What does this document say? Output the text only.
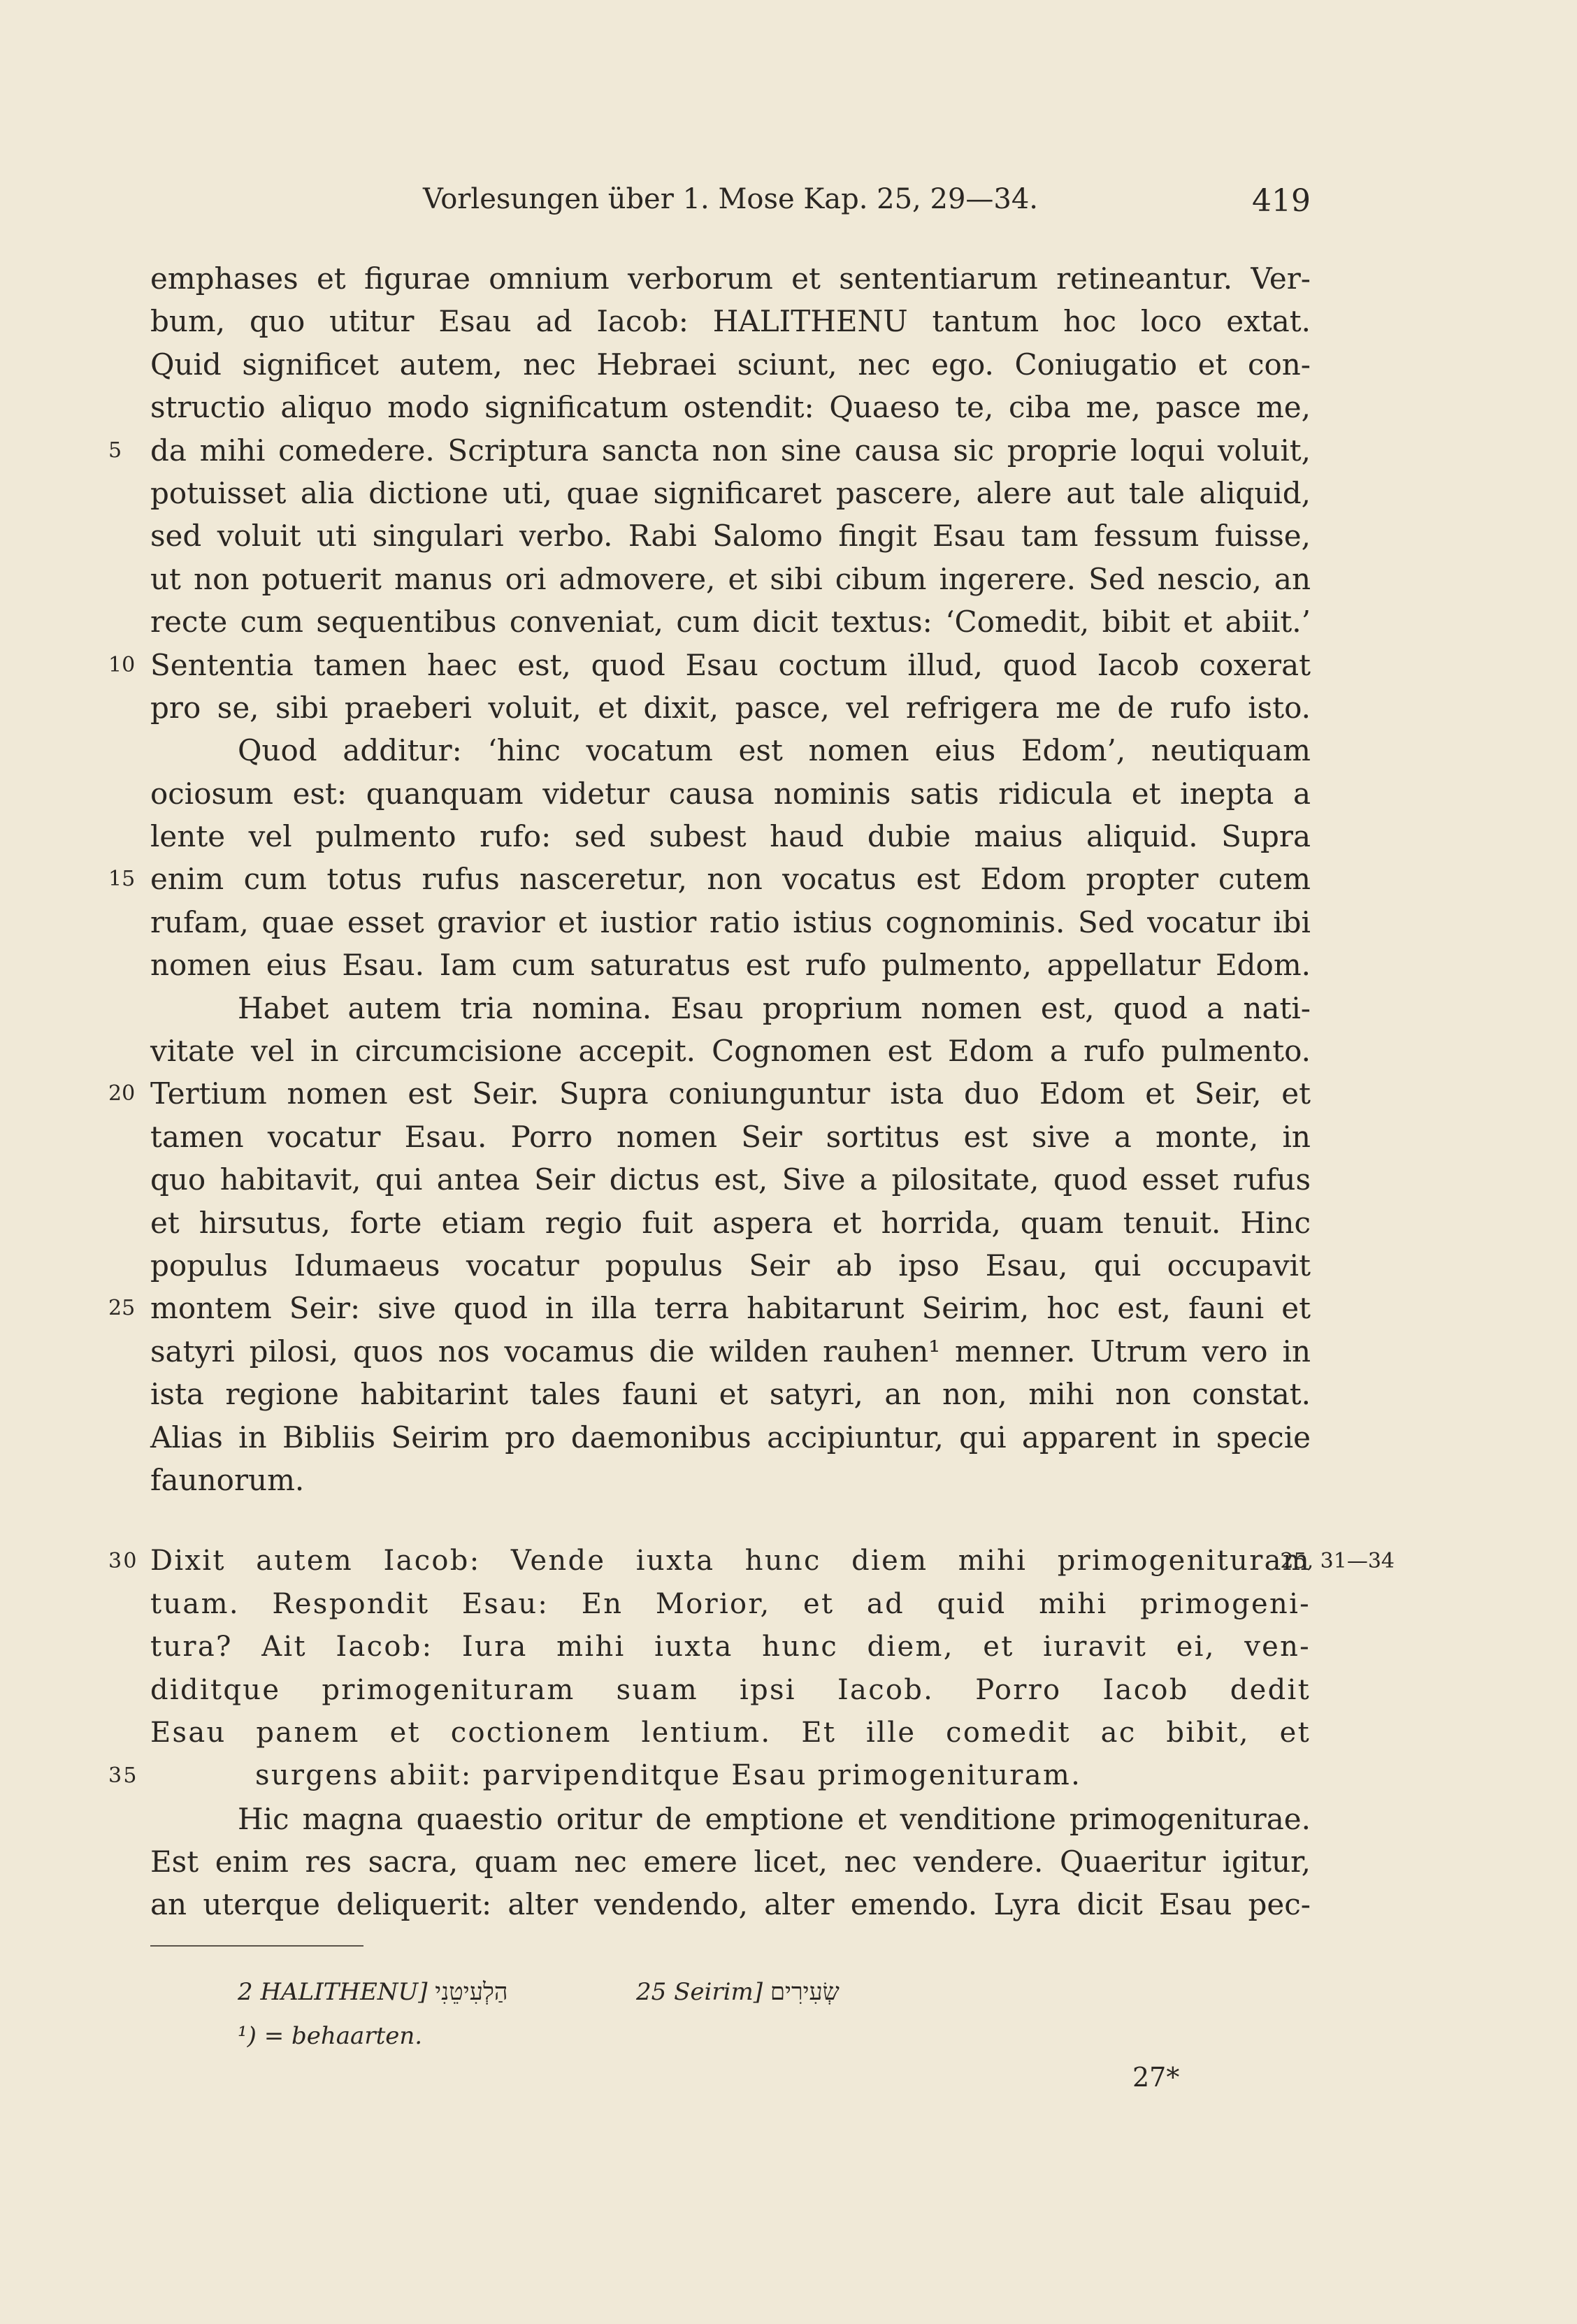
Vorlesungen über 1. Mose Kap. 25, 29—34.	419
emphases et figurae omnium verborum et sententiarum retineantur. Ver-
bum, quo utitur Esau ad Iacob: HALITHENU tantum hoc loco extat.
Quid significet autem, nec Hebraei sciunt, nec ego. Coniugatio et con-
structio aliquo modo significatum ostendit: Quaeso te, ciba me, pasce me,
5 da mihi comedere. Scriptura sancta non sine causa sic proprie loqui voluit,
potuisset alia dictione uti, quae significaret pascere, alere aut tale aliquid,
sed voluit uti singulari verbo. Rabi Salomo fingit Esau tam fessum fuisse,
ut non potuerit manus ori admovere, et sibi cibum ingerere. Sed nescio, an
recte cum sequentibus conveniat, cum dicit textus: ‘Comedit, bibit et abiit.’
10 Sententia tamen haec est, quod Esau coctum illud, quod Iacob coxerat
pro se, sibi praeberi voluit, et dixit, pasce, vel refrigera me de rufo isto.
Quod additur: ‘hinc vocatum est nomen eius Edom’, neutiquam
ociosum est: quanquam videtur causa nominis satis ridicula et inepta a
lente vel pulmento rufo: sed subest haud dubie maius aliquid. Supra
15 enim cum totus rufus nasceretur, non vocatus est Edom propter cutem
rufam, quae esset gravior et iustior ratio istius cognominis. Sed vocatur ibi
nomen eius Esau. Iam cum saturatus est rufo pulmento, appellatur Edom.
Habet autem tria nomina. Esau proprium nomen est, quod a nati-
vitate vel in circumcisione accepit. Cognomen est Edom a rufo pulmento.
20 Tertium nomen est Seir. Supra coniunguntur ista duo Edom et Seir, et
tamen vocatur Esau. Porro nomen Seir sortitus est sive a monte, in
quo habitavit, qui antea Seir dictus est, Sive a pilositate, quod esset rufus
et hirsutus, forte etiam regio fuit aspera et horrida, quam tenuit. Hinc
populus Idumaeus vocatur populus Seir ab ipso Esau, qui occupavit
25 montem Seir: sive quod in illa terra habitarunt Seirim, hoc est, fauni et
satyri pilosi, quos nos vocamus die wilden rauhen¹ menner. Utrum vero in
ista regione habitarint tales fauni et satyri, an non, mihi non constat.
Alias in Bibliis Seirim pro daemonibus accipiuntur, qui apparent in specie
faunorum.
30 Dixit autem Iacob: Vende iuxta hunc diem mihi primogenituram
25, 31—34
tuam. Respondit Esau: En Morior, et ad quid mihi primogeni-
tura? Ait Iacob: Iura mihi iuxta hunc diem, et iuravit ei, ven-
diditque primogenituram suam ipsi Iacob. Porro Iacob dedit
Esau panem et coctionem lentium. Et ille comedit ac bibit, et
35	surgens abiit: parvipenditque Esau primogenituram.
Hic magna quaestio oritur de emptione et venditione primogeniturae.
Est enim res sacra, quam nec emere licet, nec vendere. Quaeritur igitur,
an uterque deliquerit: alter vendendo, alter emendo. Lyra dicit Esau pec-
2 HALITHENU] הַלְעִיטֵנִי	25 Seirim] שְׂעִירִים
¹) = behaarten.
27*
